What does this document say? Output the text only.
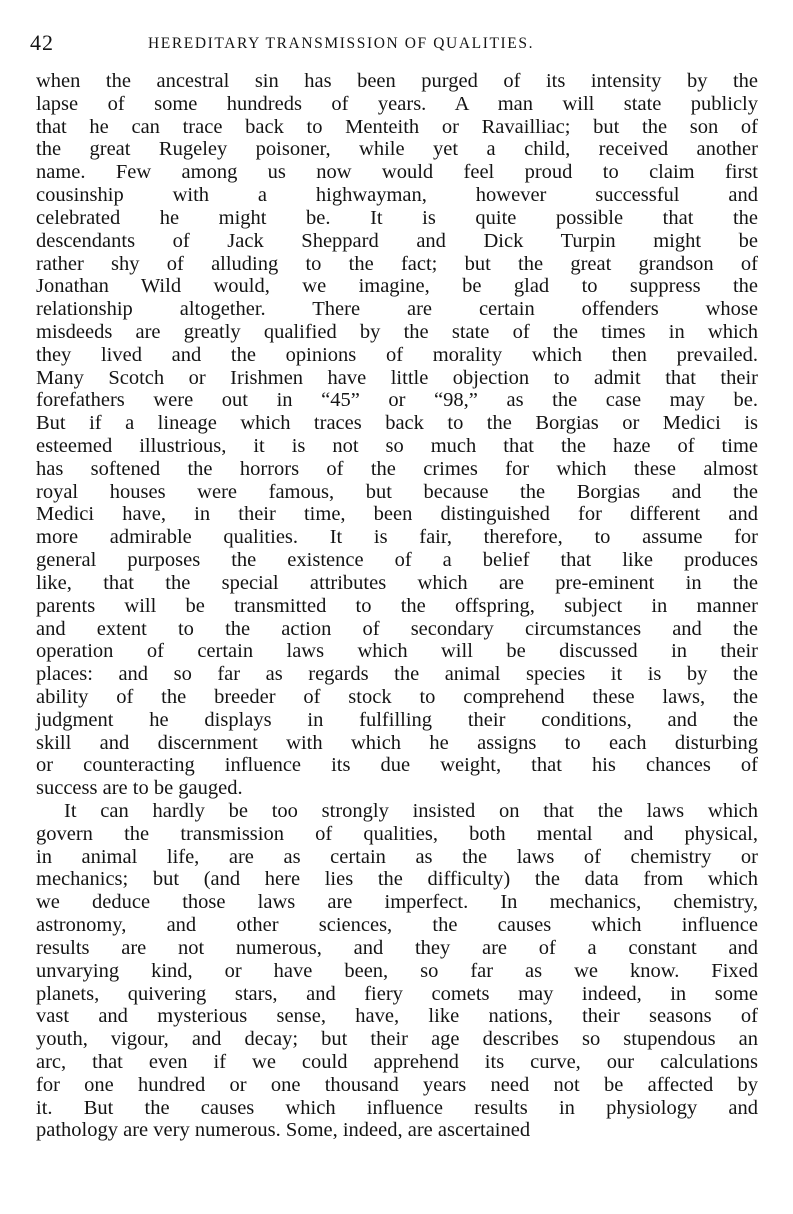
42	HEREDITARY TRANSMISSION OF QUALITIES.
when the ancestral sin has been purged of its intensity by the
lapse of some hundreds of years. A man will state publicly
that he can trace back to Menteith or Ravailliac; but the son of
the great Rugeley poisoner, while yet a child, received another
name. Few among us now would feel proud to claim first
cousinship with a highwayman, however successful and
celebrated he might be. It is quite possible that the
descendants of Jack Sheppard and Dick Turpin might be
rather shy of alluding to the fact; but the great grandson of
Jonathan Wild would, we imagine, be glad to suppress the
relationship altogether. There are certain offenders whose
misdeeds are greatly qualified by the state of the times in which
they lived and the opinions of morality which then prevailed.
Many Scotch or Irishmen have little objection to admit that their
forefathers were out in “45” or “98,” as the case may be.
But if a lineage which traces back to the Borgias or Medici is
esteemed illustrious, it is not so much that the haze of time
has softened the horrors of the crimes for which these almost
royal houses were famous, but because the Borgias and the
Medici have, in their time, been distinguished for different and
more admirable qualities. It is fair, therefore, to assume for
general purposes the existence of a belief that like produces
like, that the special attributes which are pre-eminent in the
parents will be transmitted to the offspring, subject in manner
and extent to the action of secondary circumstances and the
operation of certain laws which will be discussed in their
places: and so far as regards the animal species it is by the
ability of the breeder of stock to comprehend these laws, the
judgment he displays in fulfilling their conditions, and the
skill and discernment with which he assigns to each disturbing
or counteracting influence its due weight, that his chances of
success are to be gauged.
It can hardly be too strongly insisted on that the laws which
govern the transmission of qualities, both mental and physical,
in animal life, are as certain as the laws of chemistry or
mechanics; but (and here lies the difficulty) the data from which
we deduce those laws are imperfect. In mechanics, chemistry,
astronomy, and other sciences, the causes which influence
results are not numerous, and they are of a constant and
unvarying kind, or have been, so far as we know. Fixed
planets, quivering stars, and fiery comets may indeed, in some
vast and mysterious sense, have, like nations, their seasons of
youth, vigour, and decay; but their age describes so stupendous an
arc, that even if we could apprehend its curve, our calculations
for one hundred or one thousand years need not be affected by
it. But the causes which influence results in physiology and
pathology are very numerous. Some, indeed, are ascertained
